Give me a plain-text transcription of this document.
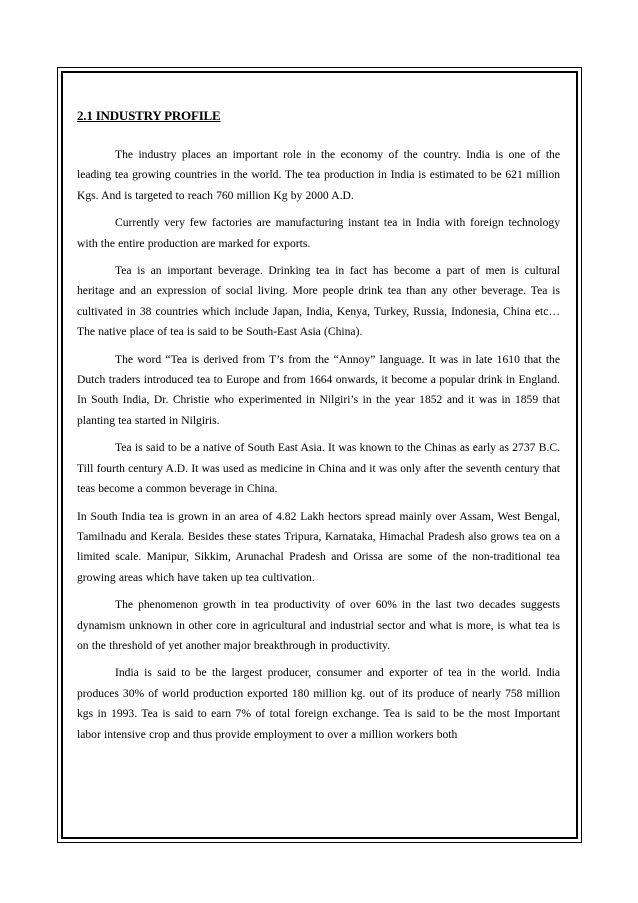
2.1 INDUSTRY PROFILE

The industry places an important role in the economy of the country. India is one of the leading tea growing countries in the world. The tea production in India is estimated to be 621 million Kgs. And is targeted to reach 760 million Kg by 2000 A.D.

Currently very few factories are manufacturing instant tea in India with foreign technology with the entire production are marked for exports.

Tea is an important beverage. Drinking tea in fact has become a part of men is cultural heritage and an expression of social living. More people drink tea than any other beverage. Tea is cultivated in 38 countries which include Japan, India, Kenya, Turkey, Russia, Indonesia, China etc… The native place of tea is said to be South-East Asia (China).

The word “Tea is derived from T’s from the “Annoy” language. It was in late 1610 that the Dutch traders introduced tea to Europe and from 1664 onwards, it become a popular drink in England. In South India, Dr. Christie who experimented in Nilgiri’s in the year 1852 and it was in 1859 that planting tea started in Nilgiris.

Tea is said to be a native of South East Asia. It was known to the Chinas as early as 2737 B.C. Till fourth century A.D. It was used as medicine in China and it was only after the seventh century that teas become a common beverage in China.

In South India tea is grown in an area of 4.82 Lakh hectors spread mainly over Assam, West Bengal, Tamilnadu and Kerala. Besides these states Tripura, Karnataka, Himachal Pradesh also grows tea on a limited scale. Manipur, Sikkim, Arunachal Pradesh and Orissa are some of the non-traditional tea growing areas which have taken up tea cultivation.

The phenomenon growth in tea productivity of over 60% in the last two decades suggests dynamism unknown in other core in agricultural and industrial sector and what is more, is what tea is on the threshold of yet another major breakthrough in productivity.

India is said to be the largest producer, consumer and exporter of tea in the world. India produces 30% of world production exported 180 million kg. out of its produce of nearly 758 million kgs in 1993. Tea is said to earn 7% of total foreign exchange. Tea is said to be the most Important labor intensive crop and thus provide employment to over a million workers both
